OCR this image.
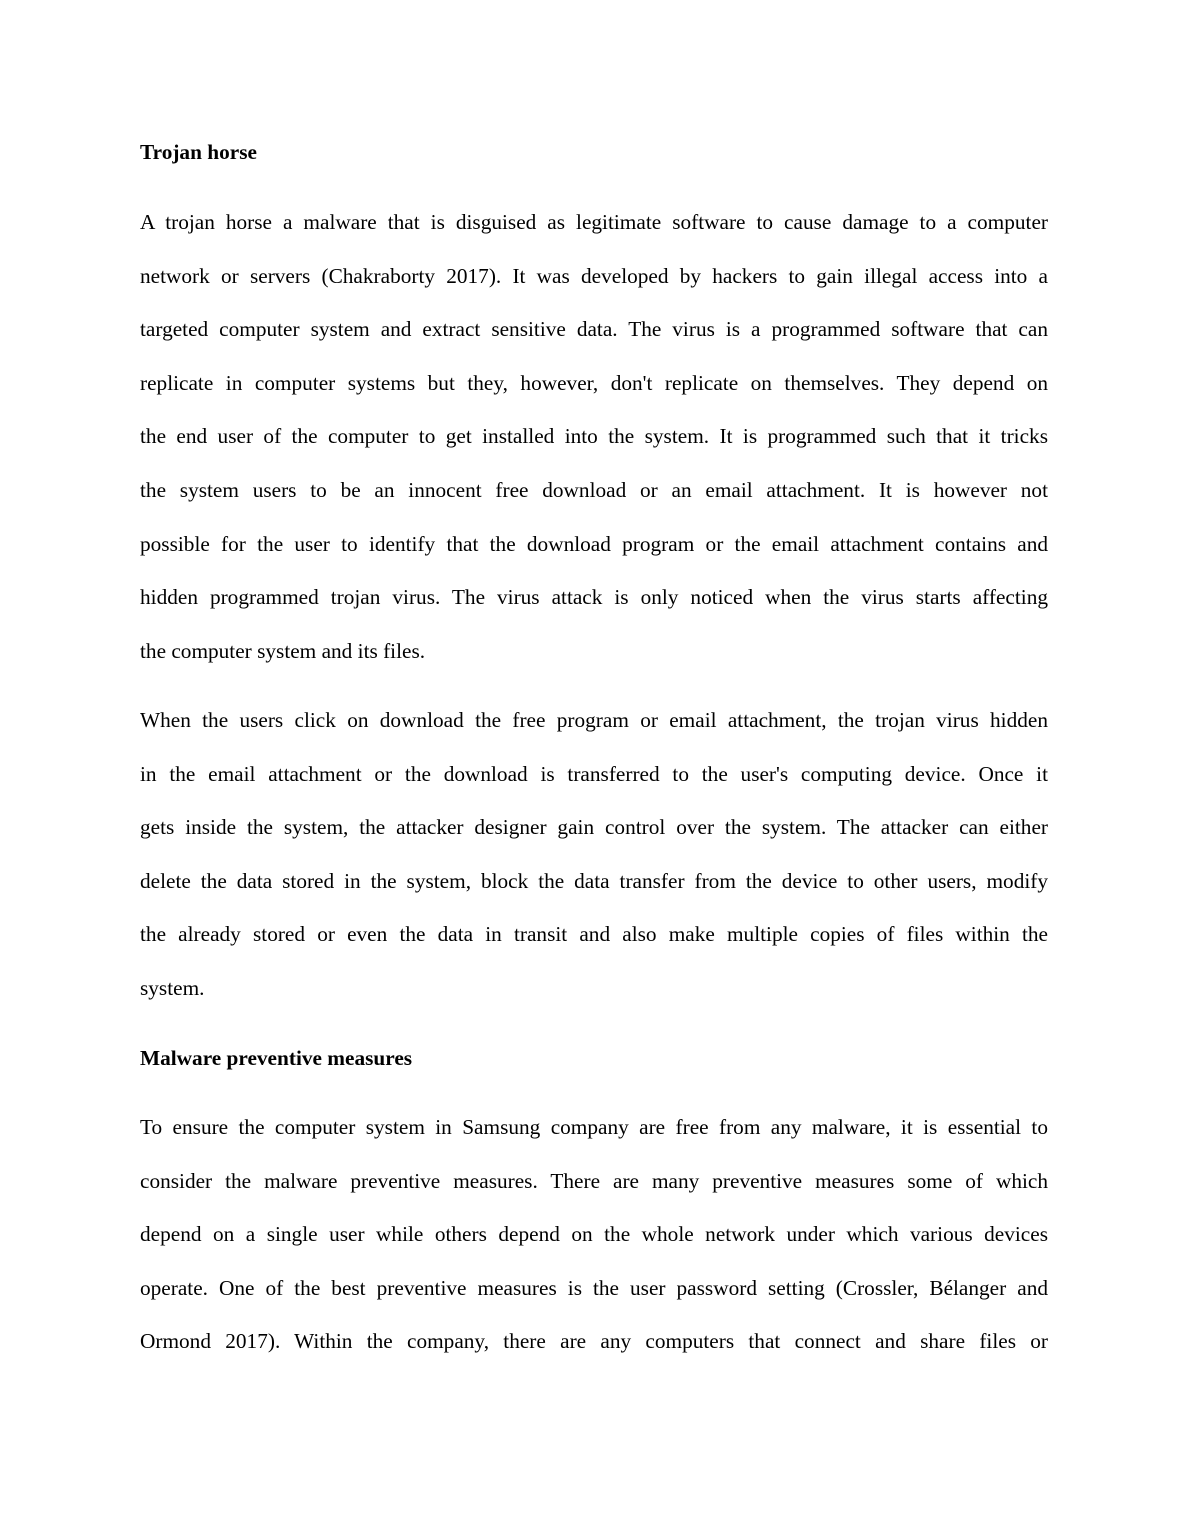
Trojan horse
A trojan horse a malware that is disguised as legitimate software to cause damage to a computer
network or servers (Chakraborty 2017). It was developed by hackers to gain illegal access into a
targeted computer system and extract sensitive data. The virus is a programmed software that can
replicate in computer systems but they, however, don't replicate on themselves. They depend on
the end user of the computer to get installed into the system. It is programmed such that it tricks
the system users to be an innocent free download or an email attachment. It is however not
possible for the user to identify that the download program or the email attachment contains and
hidden programmed trojan virus. The virus attack is only noticed when the virus starts affecting
the computer system and its files.
When the users click on download the free program or email attachment, the trojan virus hidden
in the email attachment or the download is transferred to the user's computing device. Once it
gets inside the system, the attacker designer gain control over the system. The attacker can either
delete the data stored in the system, block the data transfer from the device to other users, modify
the already stored or even the data in transit and also make multiple copies of files within the
system.
Malware preventive measures
To ensure the computer system in Samsung company are free from any malware, it is essential to
consider the malware preventive measures. There are many preventive measures some of which
depend on a single user while others depend on the whole network under which various devices
operate. One of the best preventive measures is the user password setting (Crossler, Bélanger and
Ormond 2017). Within the company, there are any computers that connect and share files or
